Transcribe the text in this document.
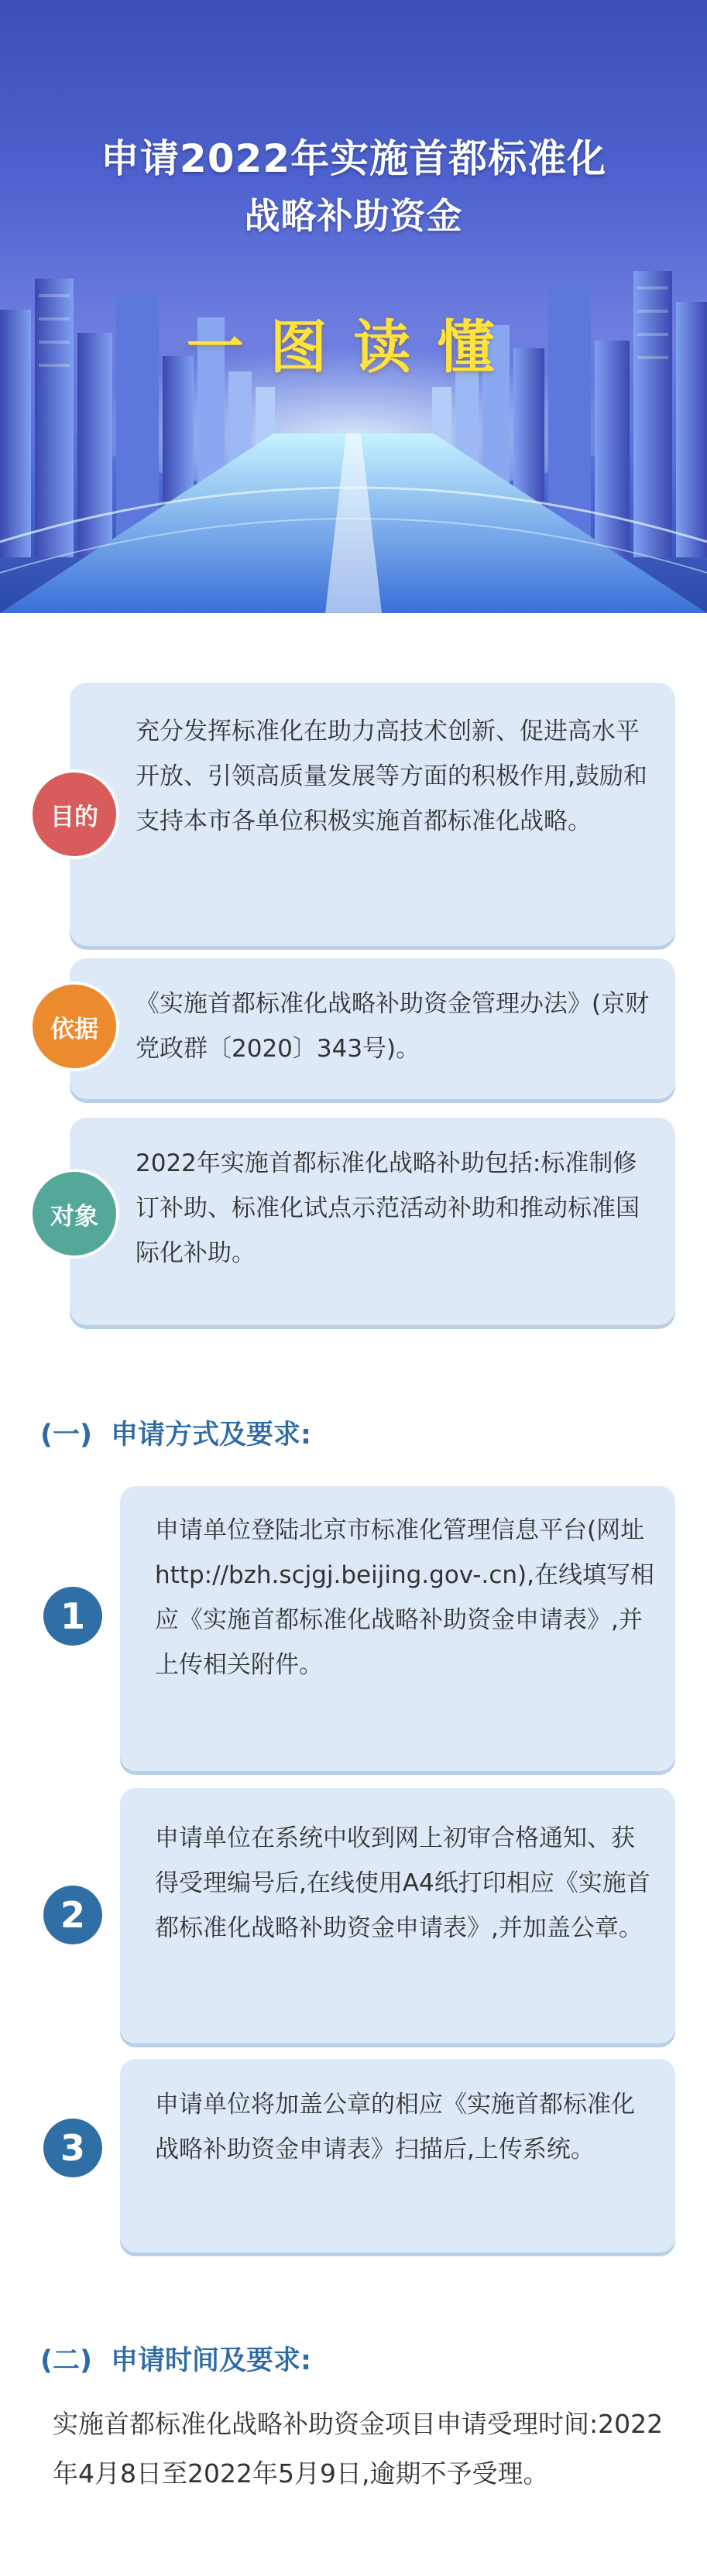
申请2022年实施首都标准化
战略补助资金
一图读懂
充分发挥标准化在助力高技术创新、促进高水平开放、引领高质量发展等方面的积极作用,鼓励和支持本市各单位积极实施首都标准化战略。
目的
《实施首都标准化战略补助资金管理办法》(京财党政群〔2020〕343号)。
依据
2022年实施首都标准化战略补助包括:标准制修订补助、标准化试点示范活动补助和推动标准国际化补助。
对象
(一) 申请方式及要求:
申请单位登陆北京市标准化管理信息平台(网址http://bzh.scjgj.beijing.gov-.cn),在线填写相应《实施首都标准化战略补助资金申请表》,并上传相关附件。
1
申请单位在系统中收到网上初审合格通知、获得受理编号后,在线使用A4纸打印相应《实施首都标准化战略补助资金申请表》,并加盖公章。
2
申请单位将加盖公章的相应《实施首都标准化战略补助资金申请表》扫描后,上传系统。
3
(二) 申请时间及要求:
实施首都标准化战略补助资金项目申请受理时间:2022年4月8日至2022年5月9日,逾期不予受理。
